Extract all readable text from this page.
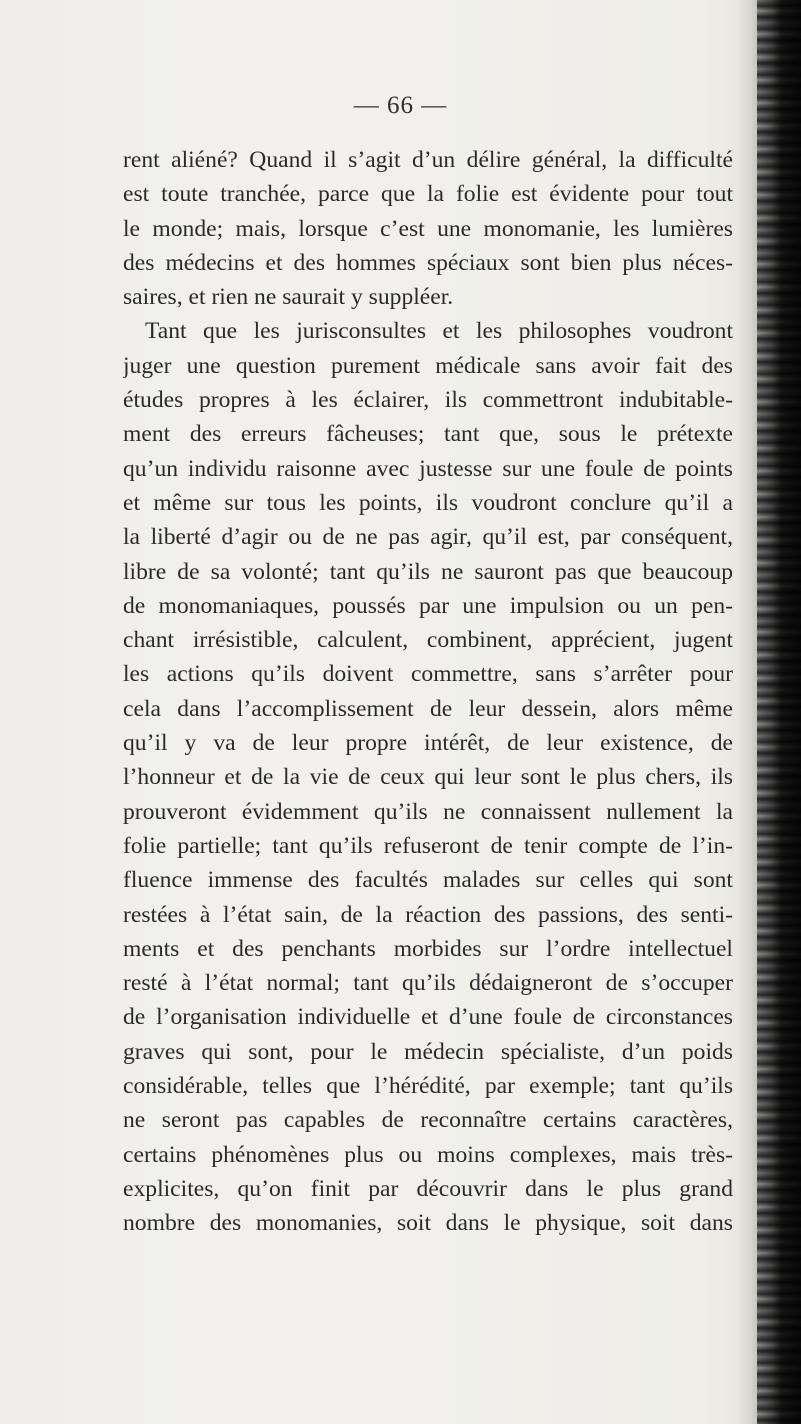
— 66 —
rent aliéné? Quand il s’agit d’un délire général, la difficulté
est toute tranchée, parce que la folie est évidente pour tout
le monde; mais, lorsque c’est une monomanie, les lumières
des médecins et des hommes spéciaux sont bien plus néces-
saires, et rien ne saurait y suppléer.
Tant que les jurisconsultes et les philosophes voudront
juger une question purement médicale sans avoir fait des
études propres à les éclairer, ils commettront indubitable-
ment des erreurs fâcheuses; tant que, sous le prétexte
qu’un individu raisonne avec justesse sur une foule de points
et même sur tous les points, ils voudront conclure qu’il a
la liberté d’agir ou de ne pas agir, qu’il est, par conséquent,
libre de sa volonté; tant qu’ils ne sauront pas que beaucoup
de monomaniaques, poussés par une impulsion ou un pen-
chant irrésistible, calculent, combinent, apprécient, jugent
les actions qu’ils doivent commettre, sans s’arrêter pour
cela dans l’accomplissement de leur dessein, alors même
qu’il y va de leur propre intérêt, de leur existence, de
l’honneur et de la vie de ceux qui leur sont le plus chers, ils
prouveront évidemment qu’ils ne connaissent nullement la
folie partielle; tant qu’ils refuseront de tenir compte de l’in-
fluence immense des facultés malades sur celles qui sont
restées à l’état sain, de la réaction des passions, des senti-
ments et des penchants morbides sur l’ordre intellectuel
resté à l’état normal; tant qu’ils dédaigneront de s’occuper
de l’organisation individuelle et d’une foule de circonstances
graves qui sont, pour le médecin spécialiste, d’un poids
considérable, telles que l’hérédité, par exemple; tant qu’ils
ne seront pas capables de reconnaître certains caractères,
certains phénomènes plus ou moins complexes, mais très-
explicites, qu’on finit par découvrir dans le plus grand
nombre des monomanies, soit dans le physique, soit dans
